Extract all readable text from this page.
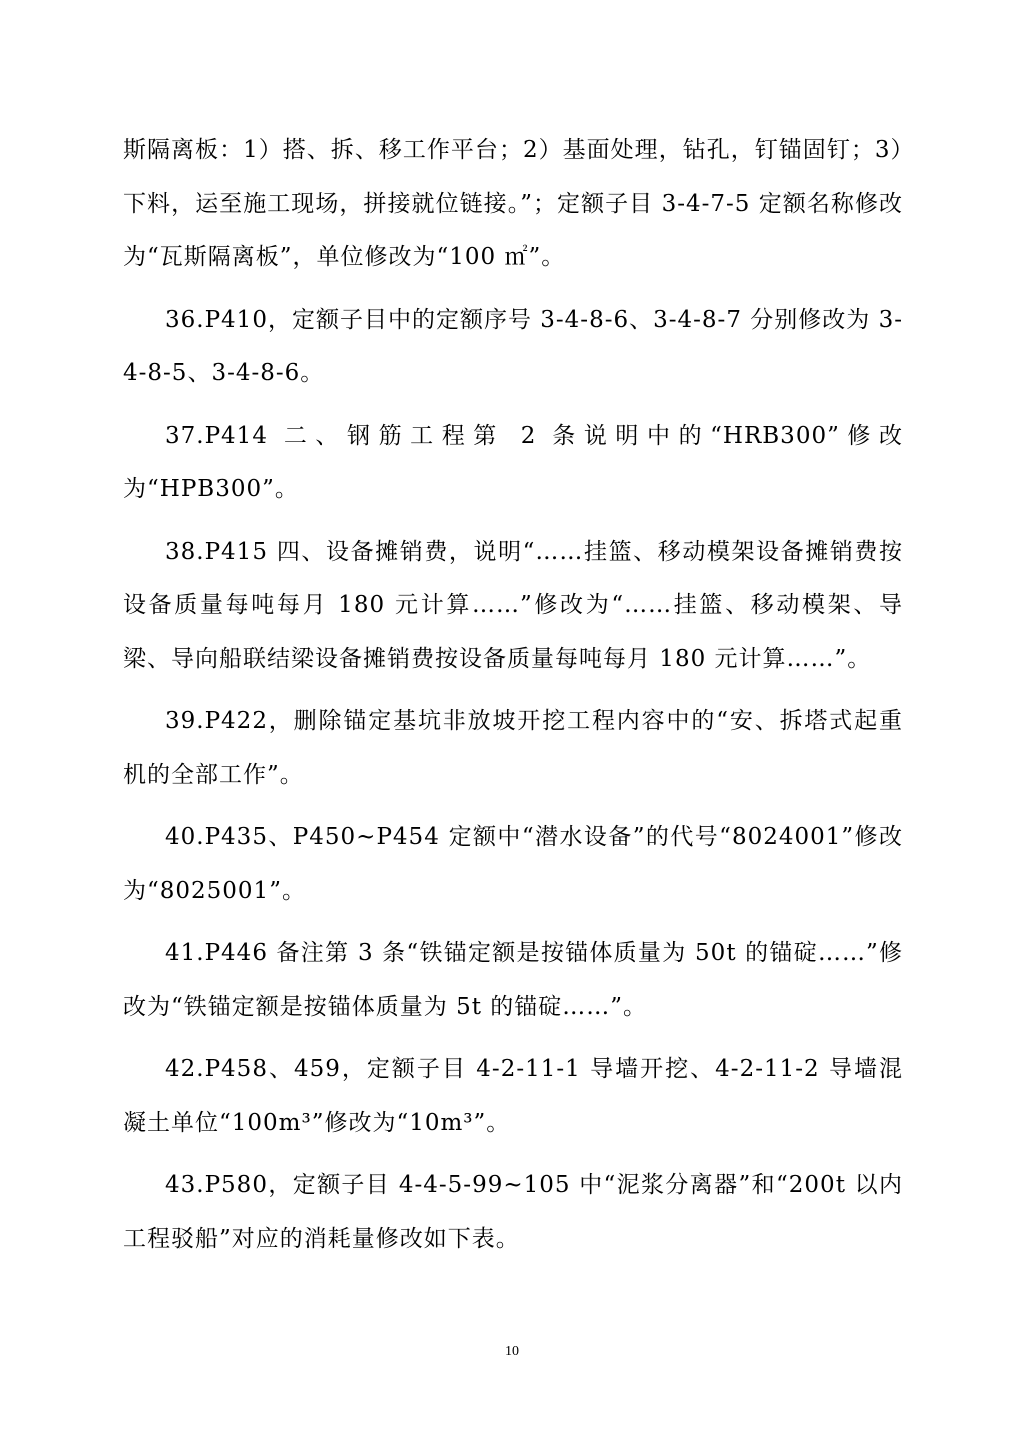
斯隔离板：1）搭、拆、移工作平台；2）基面处理，钻孔，钉锚固钉；3）下料，运至施工现场，拼接就位链接。”；定额子目 3-4-7-5 定额名称修改为“瓦斯隔离板”，单位修改为“100 ㎡”。

36.P410，定额子目中的定额序号 3-4-8-6、3-4-8-7 分别修改为 3-4-8-5、3-4-8-6。

37.P414 二、钢筋工程第 2 条说明中的“HRB300”修改为“HPB300”。

38.P415 四、设备摊销费，说明“……挂篮、移动模架设备摊销费按设备质量每吨每月 180 元计算……”修改为“……挂篮、移动模架、导梁、导向船联结梁设备摊销费按设备质量每吨每月 180 元计算……”。

39.P422，删除锚定基坑非放坡开挖工程内容中的“安、拆塔式起重机的全部工作”。

40.P435、P450~P454 定额中“潜水设备”的代号“8024001”修改为“8025001”。

41.P446 备注第 3 条“铁锚定额是按锚体质量为 50t 的锚碇……”修改为“铁锚定额是按锚体质量为 5t 的锚碇……”。

42.P458、459，定额子目 4-2-11-1 导墙开挖、4-2-11-2 导墙混凝土单位“100m³”修改为“10m³”。

43.P580，定额子目 4-4-5-99~105 中“泥浆分离器”和“200t 以内工程驳船”对应的消耗量修改如下表。

10
